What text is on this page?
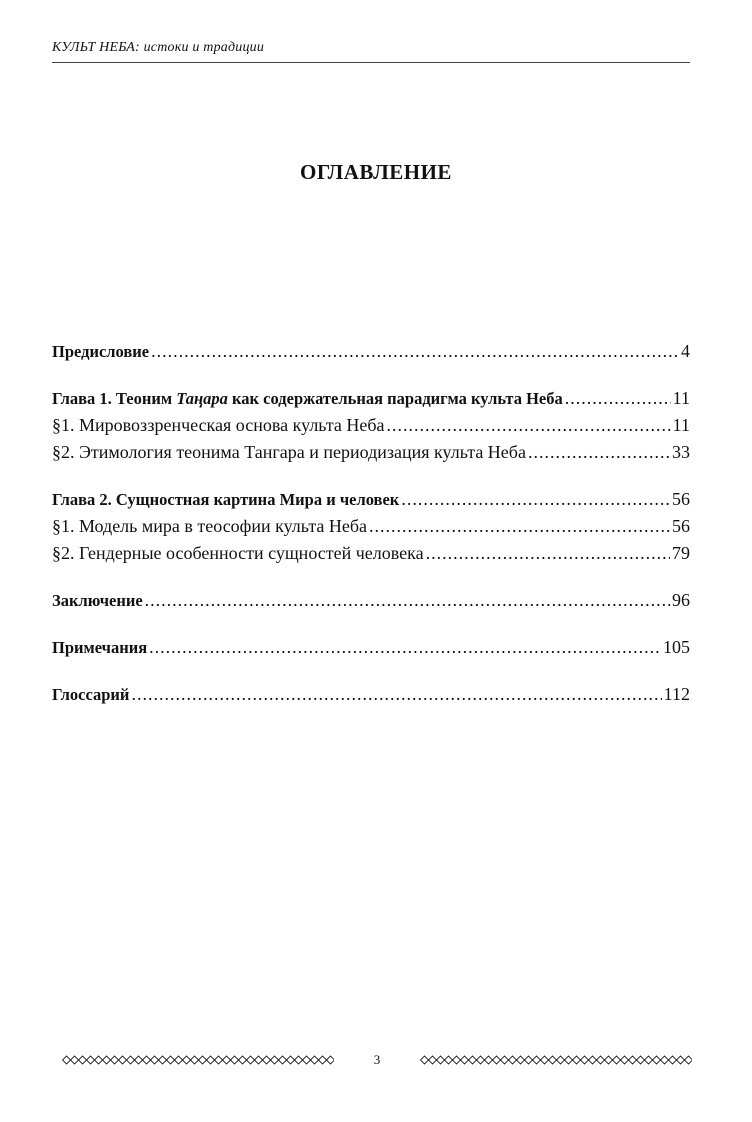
КУЛЬТ НЕБА: истоки и традиции
ОГЛАВЛЕНИЕ
Предисловие .....	4
Глава 1. Теоним Таңара как содержательная парадигма культа Неба .....	11
§1. Мировоззренческая основа культа Неба .....	11
§2. Этимология теонима Тангара и периодизация культа Неба .....	33
Глава 2. Сущностная картина Мира и человек .....	56
§1. Модель мира в теософии культа Неба .....	56
§2. Гендерные особенности сущностей человека .....	79
Заключение .....	96
Примечания .....	105
Глоссарий .....	112
3
